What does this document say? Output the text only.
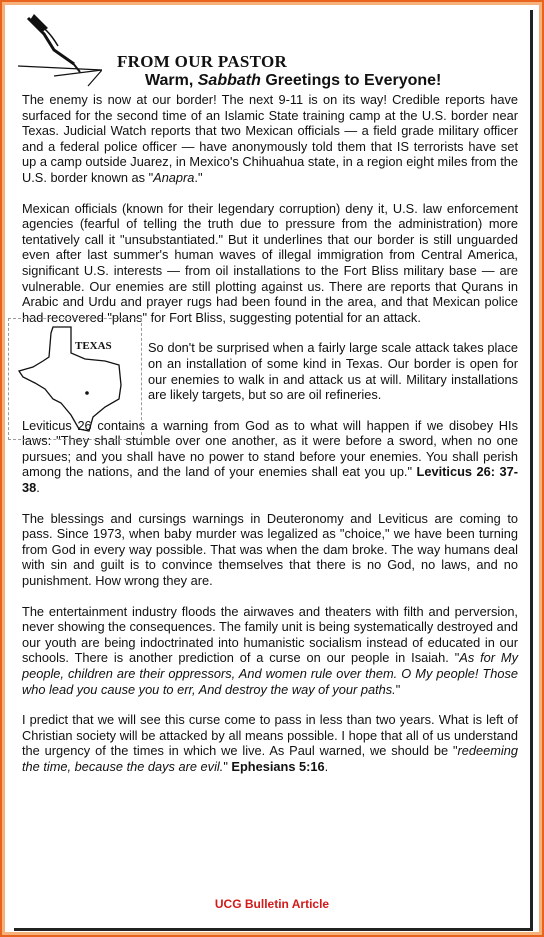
FROM OUR PASTOR
Warm, Sabbath Greetings to Everyone!

The enemy is now at our border! The next 9-11 is on its way! Credible reports have surfaced for the second time of an Islamic State training camp at the U.S. border near Texas. Judicial Watch reports that two Mexican officials — a field grade military officer and a federal police officer — have anonymously told them that IS terrorists have set up a camp outside Juarez, in Mexico's Chihuahua state, in a region eight miles from the U.S. border known as "Anapra."

Mexican officials (known for their legendary corruption) deny it, U.S. law enforcement agencies (fearful of telling the truth due to pressure from the administration) more tentatively call it "unsubstantiated." But it underlines that our border is still unguarded even after last summer's human waves of illegal immigration from Central America, significant U.S. interests — from oil installations to the Fort Bliss military base — are vulnerable. Our enemies are still plotting against us. There are reports that Qurans in Arabic and Urdu and prayer rugs had been found in the area, and that Mexican police had recovered "plans" for Fort Bliss, suggesting potential for an attack.

TEXAS	So don't be surprised when a fairly large scale attack takes place on an installation of some kind in Texas. Our border is open for our enemies to walk in and attack us at will. Military installations are likely targets, but so are oil refineries.

Leviticus 26 contains a warning from God as to what will happen if we disobey HIs laws: "They shall stumble over one another, as it were before a sword, when no one pursues; and you shall have no power to stand before your enemies. You shall perish among the nations, and the land of your enemies shall eat you up." Leviticus 26: 37-38.

The blessings and cursings warnings in Deuteronomy and Leviticus are coming to pass. Since 1973, when baby murder was legalized as "choice," we have been turning from God in every way possible. That was when the dam broke. The way humans deal with sin and guilt is to convince themselves that there is no God, no laws, and no punishment. How wrong they are.

The entertainment industry floods the airwaves and theaters with filth and perversion, never showing the consequences. The family unit is being systematically destroyed and our youth are being indoctrinated into humanistic socialism instead of educated in our schools. There is another prediction of a curse on our people in Isaiah. "As for My people, children are their oppressors, And women rule over them. O My people! Those who lead you cause you to err, And destroy the way of your paths."

I predict that we will see this curse come to pass in less than two years. What is left of Christian society will be attacked by all means possible. I hope that all of us understand the urgency of the times in which we live. As Paul warned, we should be "redeeming the time, because the days are evil." Ephesians 5:16.

UCG Bulletin Article
